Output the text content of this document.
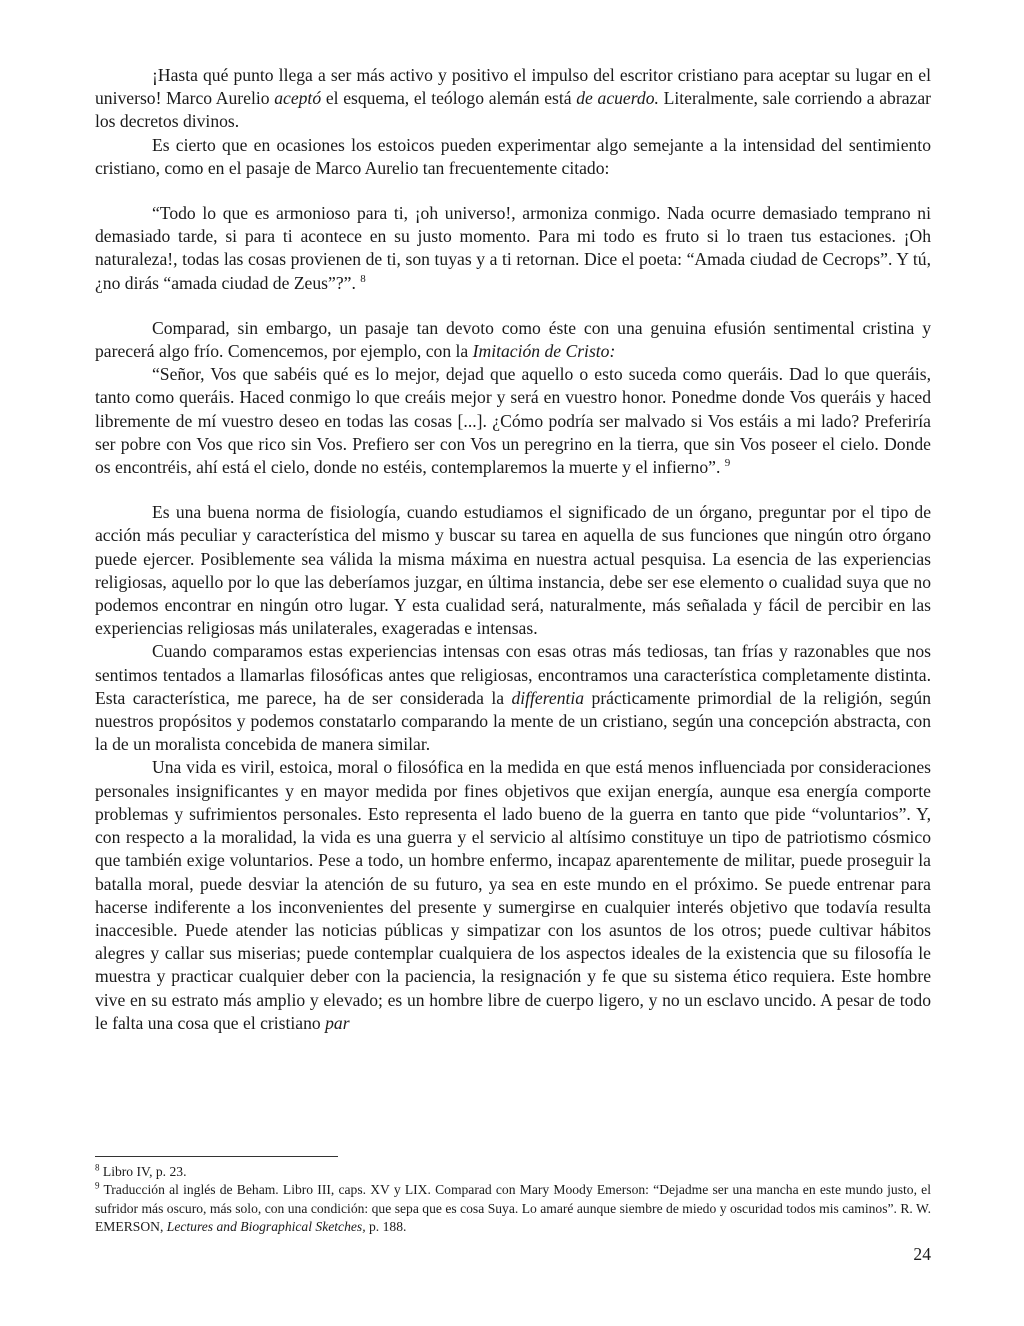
¡Hasta qué punto llega a ser más activo y positivo el impulso del escritor cristiano para aceptar su lugar en el universo! Marco Aurelio aceptó el esquema, el teólogo alemán está de acuerdo. Literalmente, sale corriendo a abrazar los decretos divinos.

Es cierto que en ocasiones los estoicos pueden experimentar algo semejante a la intensidad del sentimiento cristiano, como en el pasaje de Marco Aurelio tan frecuentemente citado:

“Todo lo que es armonioso para ti, ¡oh universo!, armoniza conmigo. Nada ocurre demasiado temprano ni demasiado tarde, si para ti acontece en su justo momento. Para mi todo es fruto si lo traen tus estaciones. ¡Oh naturaleza!, todas las cosas provienen de ti, son tuyas y a ti retornan. Dice el poeta: “Amada ciudad de Cecrops”. Y tú, ¿no dirás “amada ciudad de Zeus”?”. $^8$

Comparad, sin embargo, un pasaje tan devoto como éste con una genuina efusión sentimental cristina y parecerá algo frío. Comencemos, por ejemplo, con la Imitación de Cristo:

“Señor, Vos que sabéis qué es lo mejor, dejad que aquello o esto suceda como queráis. Dad lo que queráis, tanto como queráis. Haced conmigo lo que creáis mejor y será en vuestro honor. Ponedme donde Vos queráis y haced libremente de mí vuestro deseo en todas las cosas [...]. ¿Cómo podría ser malvado si Vos estáis a mi lado? Preferiría ser pobre con Vos que rico sin Vos. Prefiero ser con Vos un peregrino en la tierra, que sin Vos poseer el cielo. Donde os encontréis, ahí está el cielo, donde no estéis, contemplaremos la muerte y el infierno”. $^9$

Es una buena norma de fisiología, cuando estudiamos el significado de un órgano, preguntar por el tipo de acción más peculiar y característica del mismo y buscar su tarea en aquella de sus funciones que ningún otro órgano puede ejercer. Posiblemente sea válida la misma máxima en nuestra actual pesquisa. La esencia de las experiencias religiosas, aquello por lo que las deberíamos juzgar, en última instancia, debe ser ese elemento o cualidad suya que no podemos encontrar en ningún otro lugar. Y esta cualidad será, naturalmente, más señalada y fácil de percibir en las experiencias religiosas más unilaterales, exageradas e intensas.

Cuando comparamos estas experiencias intensas con esas otras más tediosas, tan frías y razonables que nos sentimos tentados a llamarlas filosóficas antes que religiosas, encontramos una característica completamente distinta. Esta característica, me parece, ha de ser considerada la differentia prácticamente primordial de la religión, según nuestros propósitos y podemos constatarlo comparando la mente de un cristiano, según una concepción abstracta, con la de un moralista concebida de manera similar.

Una vida es viril, estoica, moral o filosófica en la medida en que está menos influenciada por consideraciones personales insignificantes y en mayor medida por fines objetivos que exijan energía, aunque esa energía comporte problemas y sufrimientos personales. Esto representa el lado bueno de la guerra en tanto que pide “voluntarios”. Y, con respecto a la moralidad, la vida es una guerra y el servicio al altísimo constituye un tipo de patriotismo cósmico que también exige voluntarios. Pese a todo, un hombre enfermo, incapaz aparentemente de militar, puede proseguir la batalla moral, puede desviar la atención de su futuro, ya sea en este mundo en el próximo. Se puede entrenar para hacerse indiferente a los inconvenientes del presente y sumergirse en cualquier interés objetivo que todavía resulta inaccesible. Puede atender las noticias públicas y simpatizar con los asuntos de los otros; puede cultivar hábitos alegres y callar sus miserias; puede contemplar cualquiera de los aspectos ideales de la existencia que su filosofía le muestra y practicar cualquier deber con la paciencia, la resignación y fe que su sistema ético requiera. Este hombre vive en su estrato más amplio y elevado; es un hombre libre de cuerpo ligero, y no un esclavo uncido. A pesar de todo le falta una cosa que el cristiano par

$^8$ Libro IV, p. 23.
$^9$ Traducción al inglés de Beham. Libro III, caps. XV y LIX. Comparad con Mary Moody Emerson: “Dejadme ser una mancha en este mundo justo, el sufridor más oscuro, más solo, con una condición: que sepa que es cosa Suya. Lo amaré aunque siembre de miedo y oscuridad todos mis caminos”. R. W. EMERSON, Lectures and Biographical Sketches, p. 188.
24
